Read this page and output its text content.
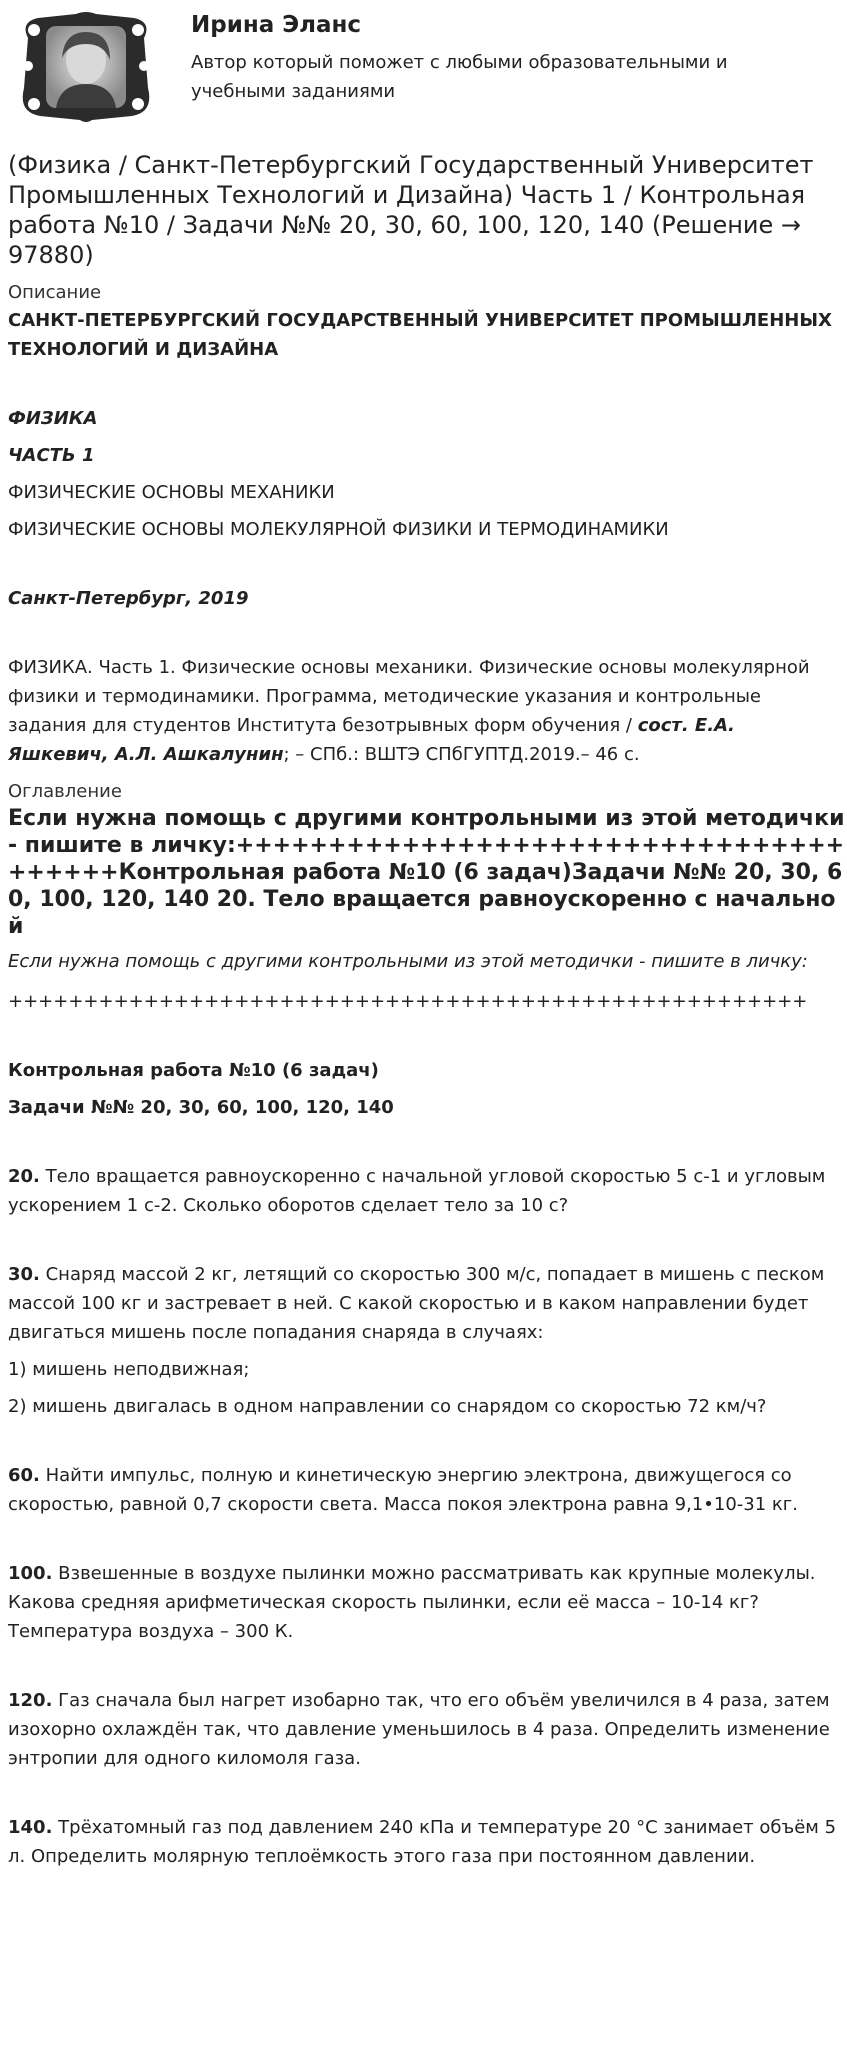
Ирина Эланс
Автор который поможет с любыми образовательными и учебными заданиями
(Физика / Санкт-Петербургский Государственный Университет Промышленных Технологий и Дизайна) Часть 1 / Контрольная работа №10 / Задачи №№ 20, 30, 60, 100, 120, 140 (Решение → 97880)
Описание

САНКТ-ПЕТЕРБУРГСКИЙ ГОСУДАРСТВЕННЫЙ УНИВЕРСИТЕТ ПРОМЫШЛЕННЫХ ТЕХНОЛОГИЙ И ДИЗАЙНА

ФИЗИКА

ЧАСТЬ 1

ФИЗИЧЕСКИЕ ОСНОВЫ МЕХАНИКИ

ФИЗИЧЕСКИЕ ОСНОВЫ МОЛЕКУЛЯРНОЙ ФИЗИКИ И ТЕРМОДИНАМИКИ

Санкт-Петербург, 2019

ФИЗИКА. Часть 1. Физические основы механики. Физические основы молекулярной физики и термодинамики. Программа, методические указания и контрольные задания для студентов Института безотрывных форм обучения / сост. Е.А. Яшкевич, А.Л. Ашкалунин; – СПб.: ВШТЭ СПбГУПТД.2019.– 46 с.

Оглавление
Если нужна помощь с другими контрольными из этой методички - пишите в личку:+++++++++++++++++++++++++++++++++++++++Контрольная работа №10 (6 задач)Задачи №№ 20, 30, 60, 100, 120, 140 20. Тело вращается равноускоренно с начальной

Если нужна помощь с другими контрольными из этой методички - пишите в личку:

+++++++++++++++++++++++++++++++++++++++++++++++++++++

Контрольная работа №10 (6 задач)

Задачи №№ 20, 30, 60, 100, 120, 140

20. Тело вращается равноускоренно с начальной угловой скоростью 5 с-1 и угловым ускорением 1 с-2. Сколько оборотов сделает тело за 10 с?

30. Снаряд массой 2 кг, летящий со скоростью 300 м/с, попадает в мишень с песком массой 100 кг и застревает в ней. С какой скоростью и в каком направлении будет двигаться мишень после попадания снаряда в случаях:

1) мишень неподвижная;

2) мишень двигалась в одном направлении со снарядом со скоростью 72 км/ч?

60. Найти импульс, полную и кинетическую энергию электрона, движущегося со скоростью, равной 0,7 скорости света. Масса покоя электрона равна 9,1•10-31 кг.

100. Взвешенные в воздухе пылинки можно рассматривать как крупные молекулы. Какова средняя арифметическая скорость пылинки, если её масса – 10-14 кг? Температура воздуха – 300 К.

120. Газ сначала был нагрет изобарно так, что его объём увеличился в 4 раза, затем изохорно охлаждён так, что давление уменьшилось в 4 раза. Определить изменение энтропии для одного киломоля газа.

140. Трёхатомный газ под давлением 240 кПа и температуре 20 °С занимает объём 5 л. Определить молярную теплоёмкость этого газа при постоянном давлении.
